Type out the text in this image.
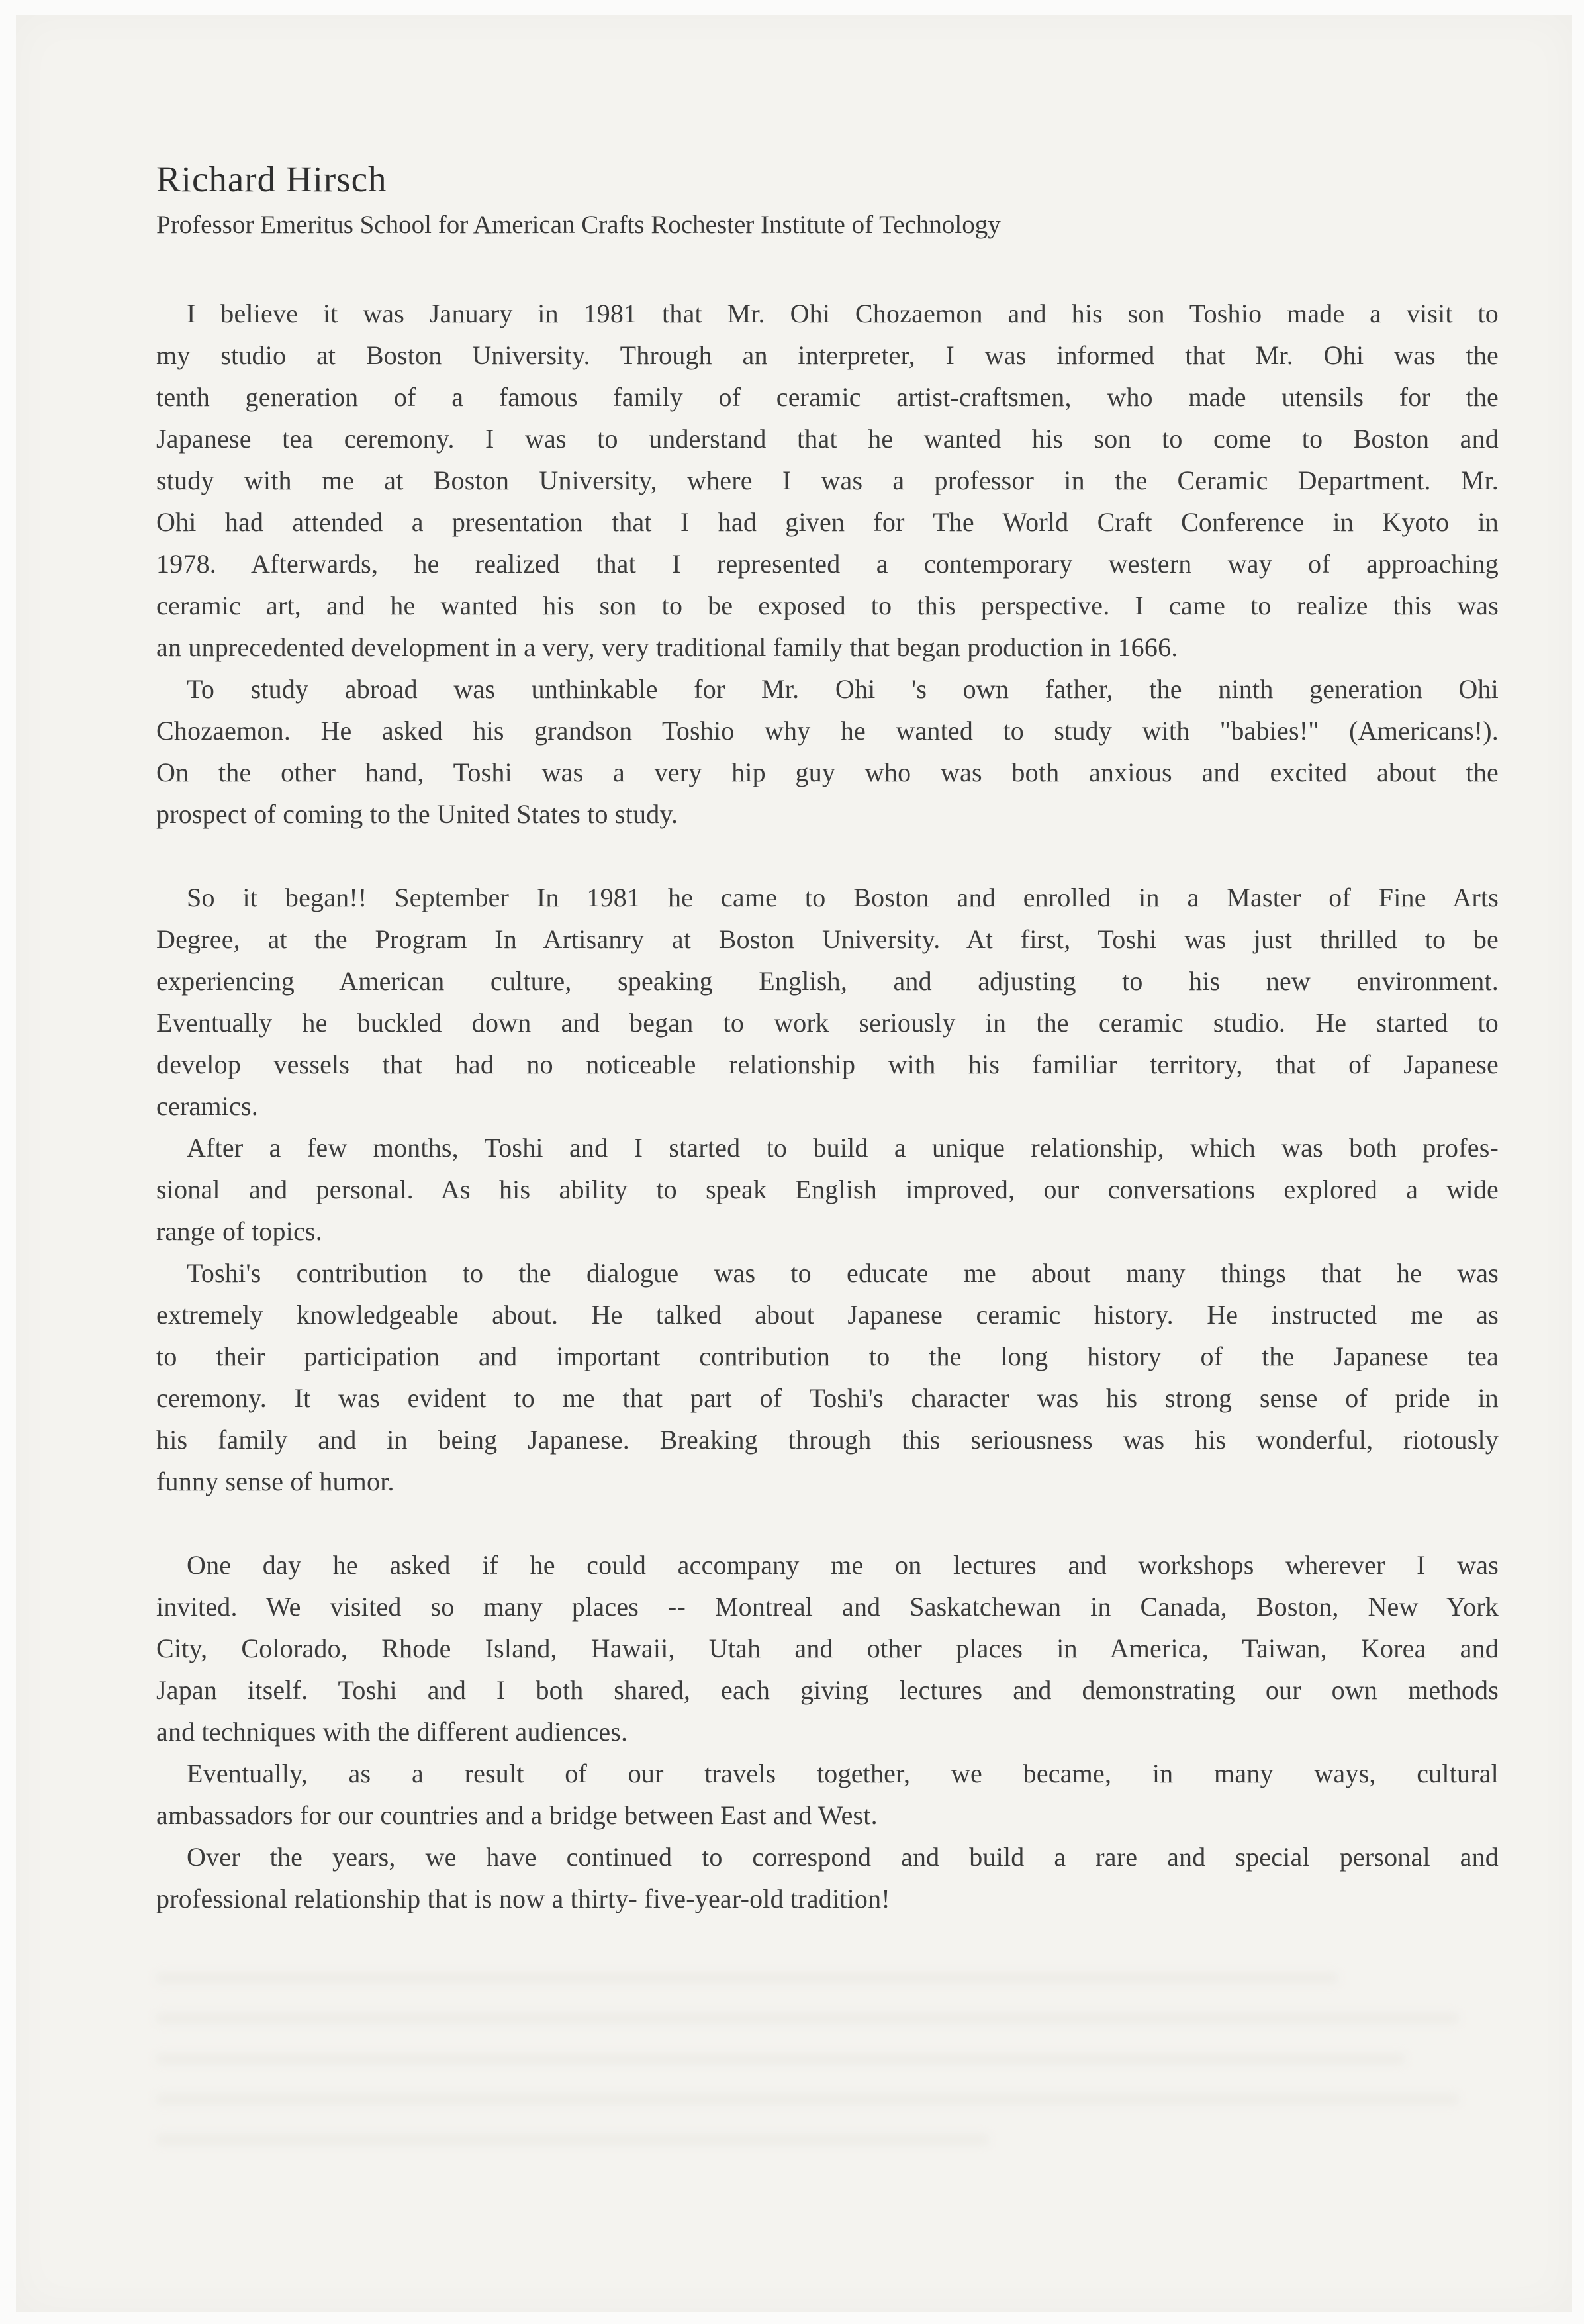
Richard Hirsch
Professor Emeritus School for American Crafts Rochester Institute of Technology
I believe it was January in 1981 that Mr. Ohi Chozaemon and his son Toshio made a visit to
my studio at Boston University. Through an interpreter, I was informed that Mr. Ohi was the
tenth generation of a famous family of ceramic artist-craftsmen, who made utensils for the
Japanese tea ceremony. I was to understand that he wanted his son to come to Boston and
study with me at Boston University, where I was a professor in the Ceramic Department. Mr.
Ohi had attended a presentation that I had given for The World Craft Conference in Kyoto in
1978. Afterwards, he realized that I represented a contemporary western way of approaching
ceramic art, and he wanted his son to be exposed to this perspective. I came to realize this was
an unprecedented development in a very, very traditional family that began production in 1666.
To study abroad was unthinkable for Mr. Ohi 's own father, the ninth generation Ohi
Chozaemon. He asked his grandson Toshio why he wanted to study with "babies!" (Americans!).
On the other hand, Toshi was a very hip guy who was both anxious and excited about the
prospect of coming to the United States to study.
So it began!! September In 1981 he came to Boston and enrolled in a Master of Fine Arts
Degree, at the Program In Artisanry at Boston University. At first, Toshi was just thrilled to be
experiencing American culture, speaking English, and adjusting to his new environment.
Eventually he buckled down and began to work seriously in the ceramic studio. He started to
develop vessels that had no noticeable relationship with his familiar territory, that of Japanese
ceramics.
After a few months, Toshi and I started to build a unique relationship, which was both profes-
sional and personal. As his ability to speak English improved, our conversations explored a wide
range of topics.
Toshi's contribution to the dialogue was to educate me about many things that he was
extremely knowledgeable about. He talked about Japanese ceramic history. He instructed me as
to their participation and important contribution to the long history of the Japanese tea
ceremony. It was evident to me that part of Toshi's character was his strong sense of pride in
his family and in being Japanese. Breaking through this seriousness was his wonderful, riotously
funny sense of humor.
One day he asked if he could accompany me on lectures and workshops wherever I was
invited. We visited so many places -- Montreal and Saskatchewan in Canada, Boston, New York
City, Colorado, Rhode Island, Hawaii, Utah and other places in America, Taiwan, Korea and
Japan itself. Toshi and I both shared, each giving lectures and demonstrating our own methods
and techniques with the different audiences.
Eventually, as a result of our travels together, we became, in many ways, cultural
ambassadors for our countries and a bridge between East and West.
Over the years, we have continued to correspond and build a rare and special personal and
professional relationship that is now a thirty- five-year-old tradition!
